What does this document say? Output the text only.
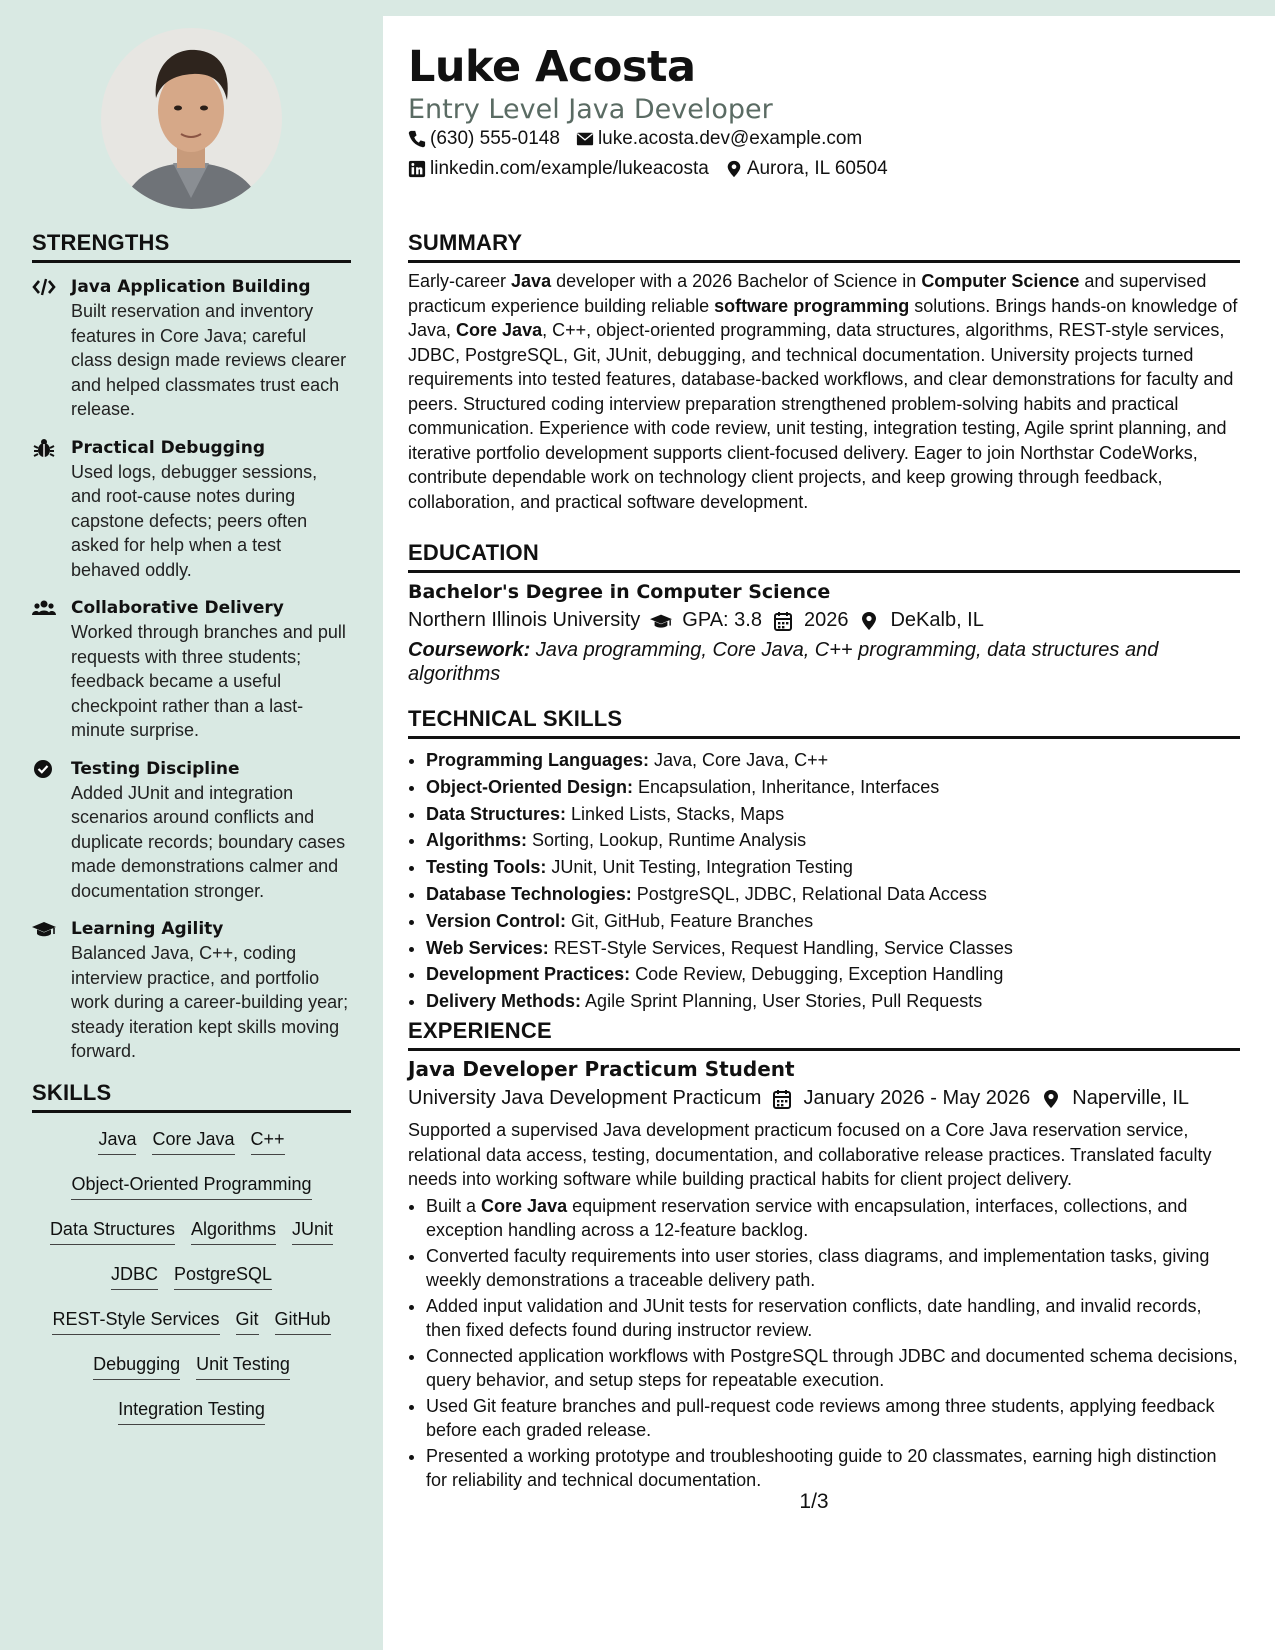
STRENGTHS
Java Application Building
Built reservation and inventory features in Core Java; careful class design made reviews clearer and helped classmates trust each release.
Practical Debugging
Used logs, debugger sessions, and root-cause notes during capstone defects; peers often asked for help when a test behaved oddly.
Collaborative Delivery
Worked through branches and pull requests with three students; feedback became a useful checkpoint rather than a last-minute surprise.
Testing Discipline
Added JUnit and integration scenarios around conflicts and duplicate records; boundary cases made demonstrations calmer and documentation stronger.
Learning Agility
Balanced Java, C++, coding interview practice, and portfolio work during a career-building year; steady iteration kept skills moving forward.
SKILLS
Java Core Java C++
Object-Oriented Programming
Data Structures Algorithms JUnit
JDBC PostgreSQL
REST-Style Services Git GitHub
Debugging Unit Testing
Integration Testing
Luke Acosta
Entry Level Java Developer
(630) 555-0148 luke.acosta.dev@example.com
linkedin.com/example/lukeacosta Aurora, IL 60504
SUMMARY
Early-career Java developer with a 2026 Bachelor of Science in Computer Science and supervised practicum experience building reliable software programming solutions. Brings hands-on knowledge of Java, Core Java, C++, object-oriented programming, data structures, algorithms, REST-style services, JDBC, PostgreSQL, Git, JUnit, debugging, and technical documentation. University projects turned requirements into tested features, database-backed workflows, and clear demonstrations for faculty and peers. Structured coding interview preparation strengthened problem-solving habits and practical communication. Experience with code review, unit testing, integration testing, Agile sprint planning, and iterative portfolio development supports client-focused delivery. Eager to join Northstar CodeWorks, contribute dependable work on technology client projects, and keep growing through feedback, collaboration, and practical software development.
EDUCATION
Bachelor's Degree in Computer Science
Northern Illinois University GPA: 3.8 2026 DeKalb, IL
Coursework: Java programming, Core Java, C++ programming, data structures and algorithms
TECHNICAL SKILLS
• Programming Languages: Java, Core Java, C++
• Object-Oriented Design: Encapsulation, Inheritance, Interfaces
• Data Structures: Linked Lists, Stacks, Maps
• Algorithms: Sorting, Lookup, Runtime Analysis
• Testing Tools: JUnit, Unit Testing, Integration Testing
• Database Technologies: PostgreSQL, JDBC, Relational Data Access
• Version Control: Git, GitHub, Feature Branches
• Web Services: REST-Style Services, Request Handling, Service Classes
• Development Practices: Code Review, Debugging, Exception Handling
• Delivery Methods: Agile Sprint Planning, User Stories, Pull Requests
EXPERIENCE
Java Developer Practicum Student
University Java Development Practicum January 2026 - May 2026 Naperville, IL
Supported a supervised Java development practicum focused on a Core Java reservation service, relational data access, testing, documentation, and collaborative release practices. Translated faculty needs into working software while building practical habits for client project delivery.
• Built a Core Java equipment reservation service with encapsulation, interfaces, collections, and exception handling across a 12-feature backlog.
• Converted faculty requirements into user stories, class diagrams, and implementation tasks, giving weekly demonstrations a traceable delivery path.
• Added input validation and JUnit tests for reservation conflicts, date handling, and invalid records, then fixed defects found during instructor review.
• Connected application workflows with PostgreSQL through JDBC and documented schema decisions, query behavior, and setup steps for repeatable execution.
• Used Git feature branches and pull-request code reviews among three students, applying feedback before each graded release.
• Presented a working prototype and troubleshooting guide to 20 classmates, earning high distinction for reliability and technical documentation.
1/3
